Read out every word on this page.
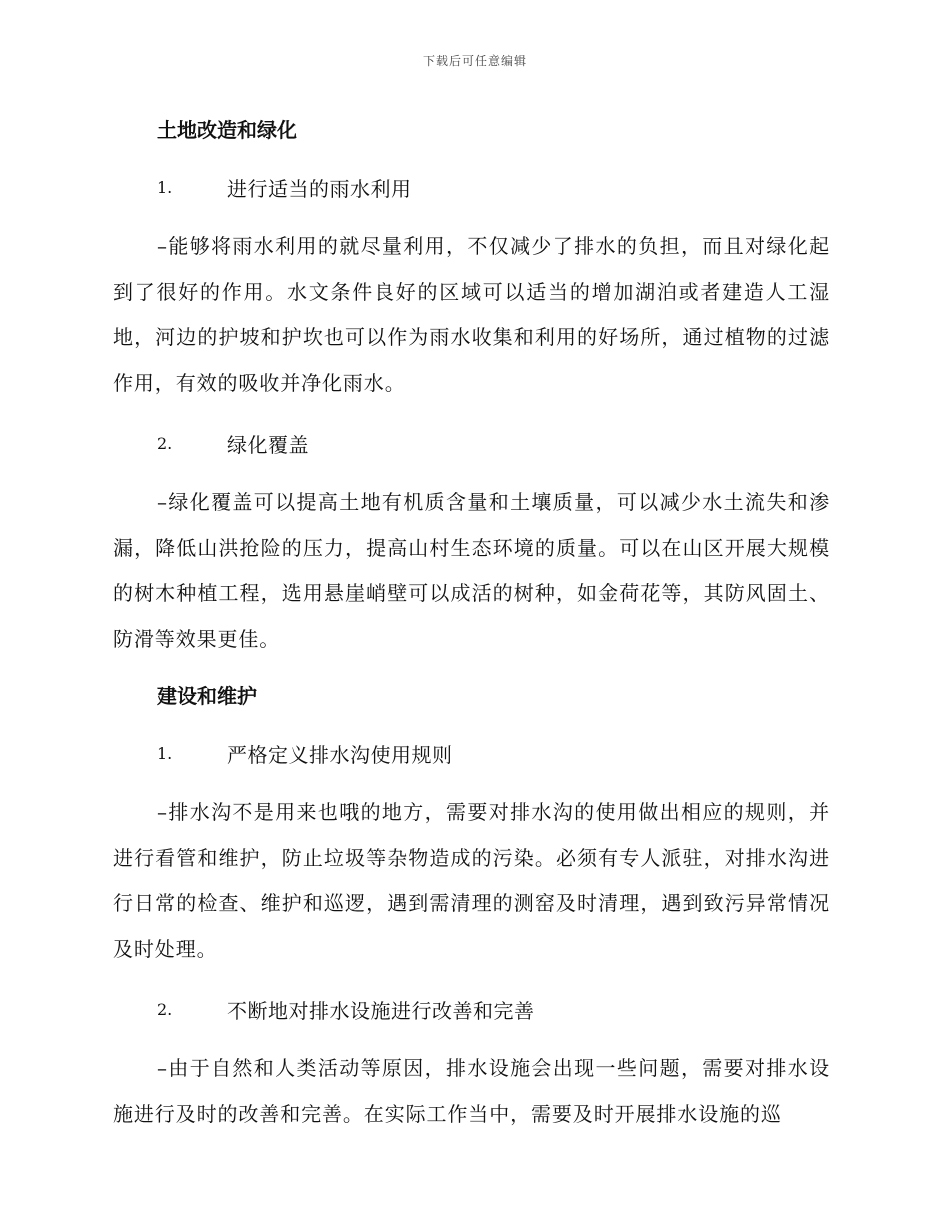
下载后可任意编辑
土地改造和绿化
1.	进行适当的雨水利用
–能够将雨水利用的就尽量利用，不仅减少了排水的负担，而且对绿化起到了很好的作用。水文条件良好的区域可以适当的增加湖泊或者建造人工湿地，河边的护坡和护坎也可以作为雨水收集和利用的好场所，通过植物的过滤作用，有效的吸收并净化雨水。
2.	绿化覆盖
–绿化覆盖可以提高土地有机质含量和土壤质量，可以减少水土流失和渗漏，降低山洪抢险的压力，提高山村生态环境的质量。可以在山区开展大规模的树木种植工程，选用悬崖峭壁可以成活的树种，如金荷花等，其防风固土、防滑等效果更佳。
建设和维护
1.	严格定义排水沟使用规则
–排水沟不是用来也哦的地方，需要对排水沟的使用做出相应的规则，并进行看管和维护，防止垃圾等杂物造成的污染。必须有专人派驻，对排水沟进行日常的检查、维护和巡逻，遇到需清理的测窑及时清理，遇到致污异常情况及时处理。
2.	不断地对排水设施进行改善和完善
–由于自然和人类活动等原因，排水设施会出现一些问题，需要对排水设施进行及时的改善和完善。在实际工作当中，需要及时开展排水设施的巡
